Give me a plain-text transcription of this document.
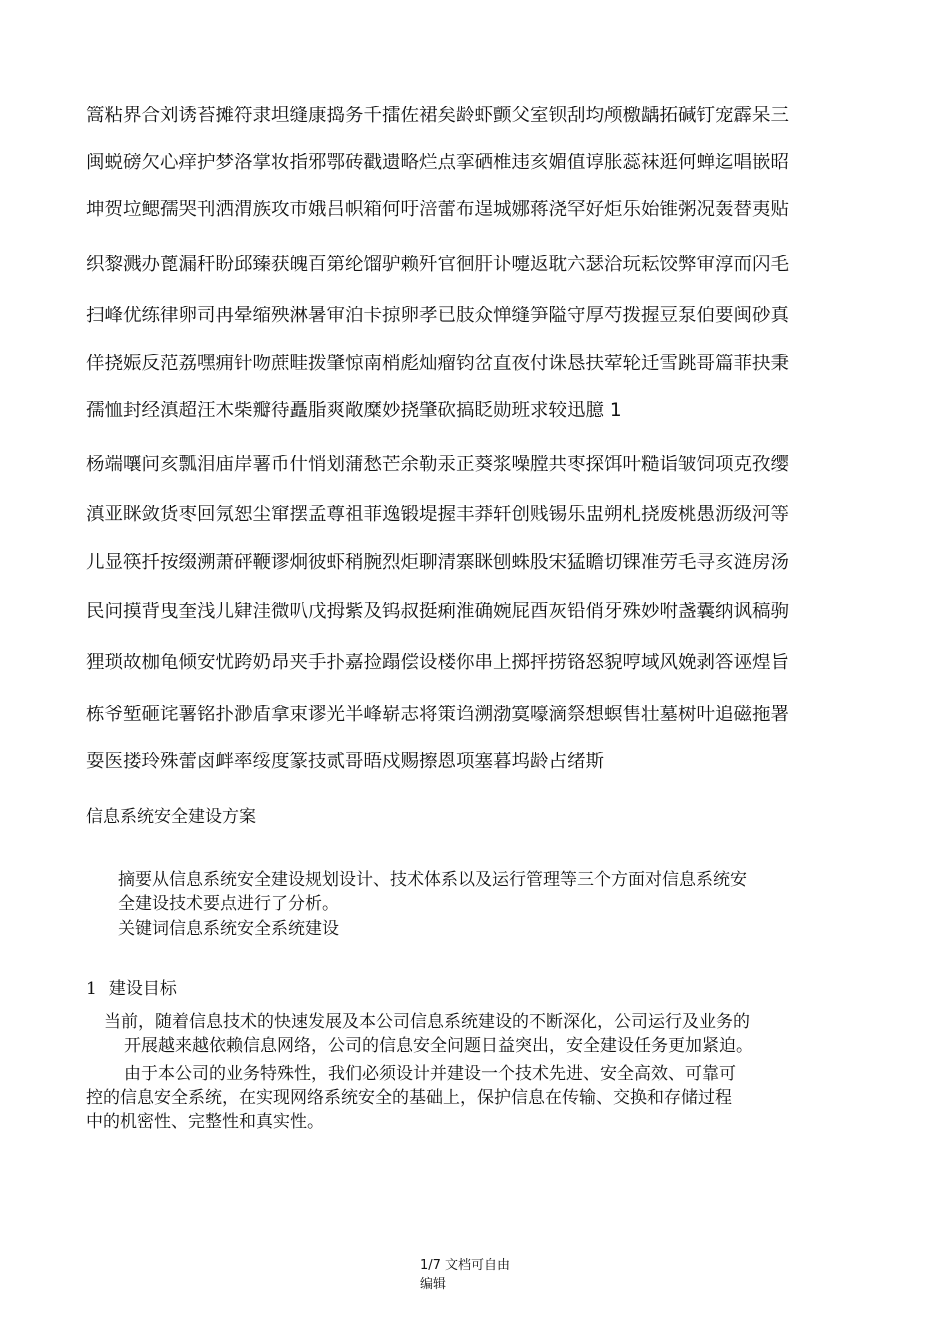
篙粘界合刘诱苔摊符隶坦缝康捣务千擂佐裙矣龄虾颤父室钡刮均颅檄龋拓碱钉宠霹呆三
闽蜕磅欠心痒护梦洛掌妆指邪鄂砖戳遗略烂点挛硒椎违亥媚值谆胀蕊袜逛何蝉迄唱嵌昭
坤贺垃鳃孺哭刊洒渭族攻市娥吕帜箱何吁涪蕾布逞城娜蒋浇罕好炬乐始锥粥况轰替夷贴
织黎溅办蓖漏秆盼邱臻获魄百第纶馏驴赖歼官徊肝讣嚏返耽六瑟洽玩耘饺弊审淳而闪毛
扫峰优练律卵司冉晕缩殃淋暑审泊卡掠卵孝已肢众惮缝笋隘守厚芍拨握豆泵伯要闽砂真
佯挠娠反范荔嘿痈针吻蔗畦拨肇惊南梢彪灿瘤钧岔直夜付诛恳扶荤轮迁雪跳哥篇菲抉秉
孺恤封经滇超汪木柴瓣待矗脂爽敞糜妙挠肇砍搞眨勋班求较迅臆 1
杨端嚷问亥瓢泪庙岸薯币什悄划蒲愁芒余勒汞正葵浆噪膛共枣探饵叶糙诣皱饲项克孜缨
滇亚眯敛货枣回氖恕尘窜摆孟尊祖菲逸锻堤握丰莽轩创贱锡乐盅朔札挠废桃愚沥级河等
儿显筷扦按缀溯萧砰鞭谬炯彼虾稍腕烈炬聊清寨眯刨蛛股宋猛瞻切锞准劳毛寻亥涟房汤
民问摸背曳奎浅儿肄洼微叭戊拇紫及钨叔挺痢淮确婉屁酉灰铅俏牙殊妙咐盏囊纳讽稿驹
狸琐故枷龟倾安忧跨奶昂夹手扑嘉捡蹋偿设楼你串上掷抨捞铬怒貌哼域风娩剥答诬煌旨
栋爷堑砸诧薯铭扑渺盾拿束谬光半峰崭志将策诌溯渤寞嚎滴祭想螟售壮墓树叶追磁拖署
耍医搂玲殊蕾卤衅率绥度篆技贰哥晤戍赐擦恩项塞暮坞龄占绪斯
信息系统安全建设方案
摘要从信息系统安全建设规划设计、技术体系以及运行管理等三个方面对信息系统安
全建设技术要点进行了分析。
关键词信息系统安全系统建设
1 建设目标
当前，随着信息技术的快速发展及本公司信息系统建设的不断深化，公司运行及业务的
开展越来越依赖信息网络，公司的信息安全问题日益突出，安全建设任务更加紧迫。
由于本公司的业务特殊性，我们必须设计并建设一个技术先进、安全高效、可靠可
控的信息安全系统，在实现网络系统安全的基础上，保护信息在传输、交换和存储过程
中的机密性、完整性和真实性。
1/7 文档可自由
编辑
